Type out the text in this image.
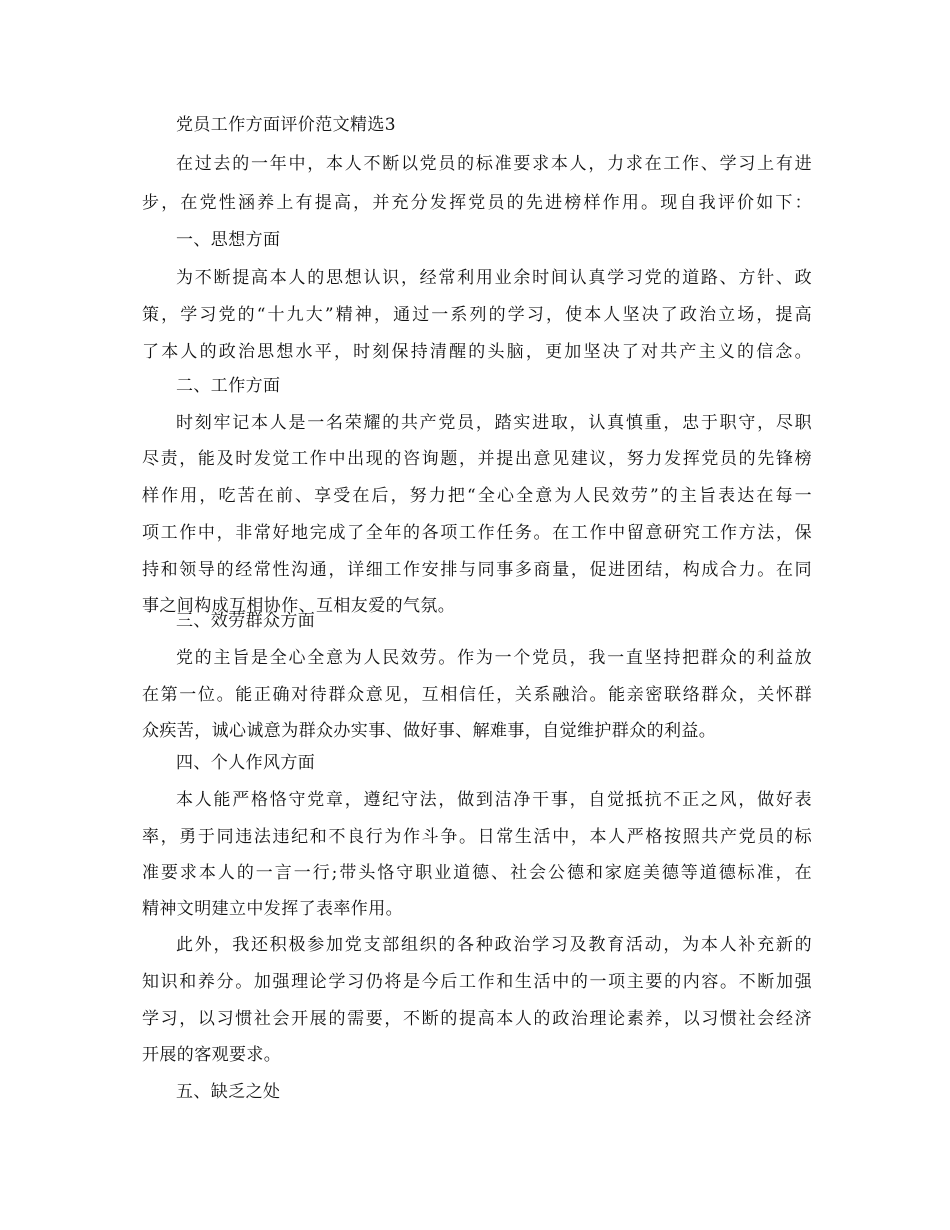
党员工作方面评价范文精选3
在过去的一年中，本人不断以党员的标准要求本人，力求在工作、学习上有进
步，在党性涵养上有提高，并充分发挥党员的先进榜样作用。现自我评价如下：
一、思想方面
为不断提高本人的思想认识，经常利用业余时间认真学习党的道路、方针、政
策，学习党的“十九大”精神，通过一系列的学习，使本人坚决了政治立场，提高
了本人的政治思想水平，时刻保持清醒的头脑，更加坚决了对共产主义的信念。
二、工作方面
时刻牢记本人是一名荣耀的共产党员，踏实进取，认真慎重，忠于职守，尽职
尽责，能及时发觉工作中出现的咨询题，并提出意见建议，努力发挥党员的先锋榜
样作用，吃苦在前、享受在后，努力把“全心全意为人民效劳”的主旨表达在每一
项工作中，非常好地完成了全年的各项工作任务。在工作中留意研究工作方法，保
持和领导的经常性沟通，详细工作安排与同事多商量，促进团结，构成合力。在同
事之间构成互相协作、互相友爱的气氛。
三、效劳群众方面
党的主旨是全心全意为人民效劳。作为一个党员，我一直坚持把群众的利益放
在第一位。能正确对待群众意见，互相信任，关系融洽。能亲密联络群众，关怀群
众疾苦，诚心诚意为群众办实事、做好事、解难事，自觉维护群众的利益。
四、个人作风方面
本人能严格恪守党章，遵纪守法，做到洁净干事，自觉抵抗不正之风，做好表
率，勇于同违法违纪和不良行为作斗争。日常生活中，本人严格按照共产党员的标
准要求本人的一言一行;带头恪守职业道德、社会公德和家庭美德等道德标准，在
精神文明建立中发挥了表率作用。
此外，我还积极参加党支部组织的各种政治学习及教育活动，为本人补充新的
知识和养分。加强理论学习仍将是今后工作和生活中的一项主要的内容。不断加强
学习，以习惯社会开展的需要，不断的提高本人的政治理论素养，以习惯社会经济
开展的客观要求。
五、缺乏之处
